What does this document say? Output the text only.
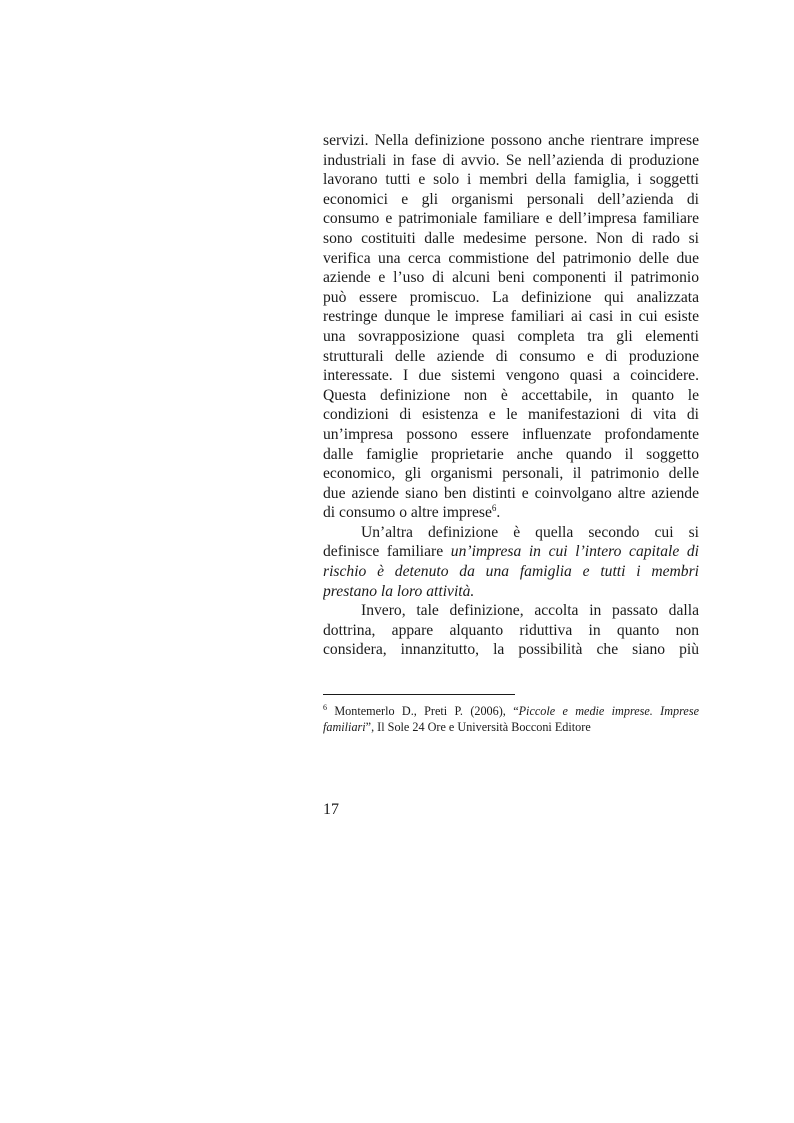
servizi. Nella definizione possono anche rientrare imprese
industriali in fase di avvio. Se nell’azienda di produzione
lavorano tutti e solo i membri della famiglia, i soggetti
economici e gli organismi personali dell’azienda di
consumo e patrimoniale familiare e dell’impresa familiare
sono costituiti dalle medesime persone. Non di rado si
verifica una cerca commistione del patrimonio delle due
aziende e l’uso di alcuni beni componenti il patrimonio
può essere promiscuo. La definizione qui analizzata
restringe dunque le imprese familiari ai casi in cui esiste
una sovrapposizione quasi completa tra gli elementi
strutturali delle aziende di consumo e di produzione
interessate. I due sistemi vengono quasi a coincidere.
Questa definizione non è accettabile, in quanto le
condizioni di esistenza e le manifestazioni di vita di
un’impresa possono essere influenzate profondamente
dalle famiglie proprietarie anche quando il soggetto
economico, gli organismi personali, il patrimonio delle
due aziende siano ben distinti e coinvolgano altre aziende
di consumo o altre imprese$^6$.
Un’altra definizione è quella secondo cui si
definisce familiare un’impresa in cui l’intero capitale di
rischio è detenuto da una famiglia e tutti i membri
prestano la loro attività.
Invero, tale definizione, accolta in passato dalla
dottrina, appare alquanto riduttiva in quanto non
considera, innanzitutto, la possibilità che siano più
$^6$ Montemerlo D., Preti P. (2006), “Piccole e medie imprese. Imprese
familiari”, Il Sole 24 Ore e Università Bocconi Editore
17
